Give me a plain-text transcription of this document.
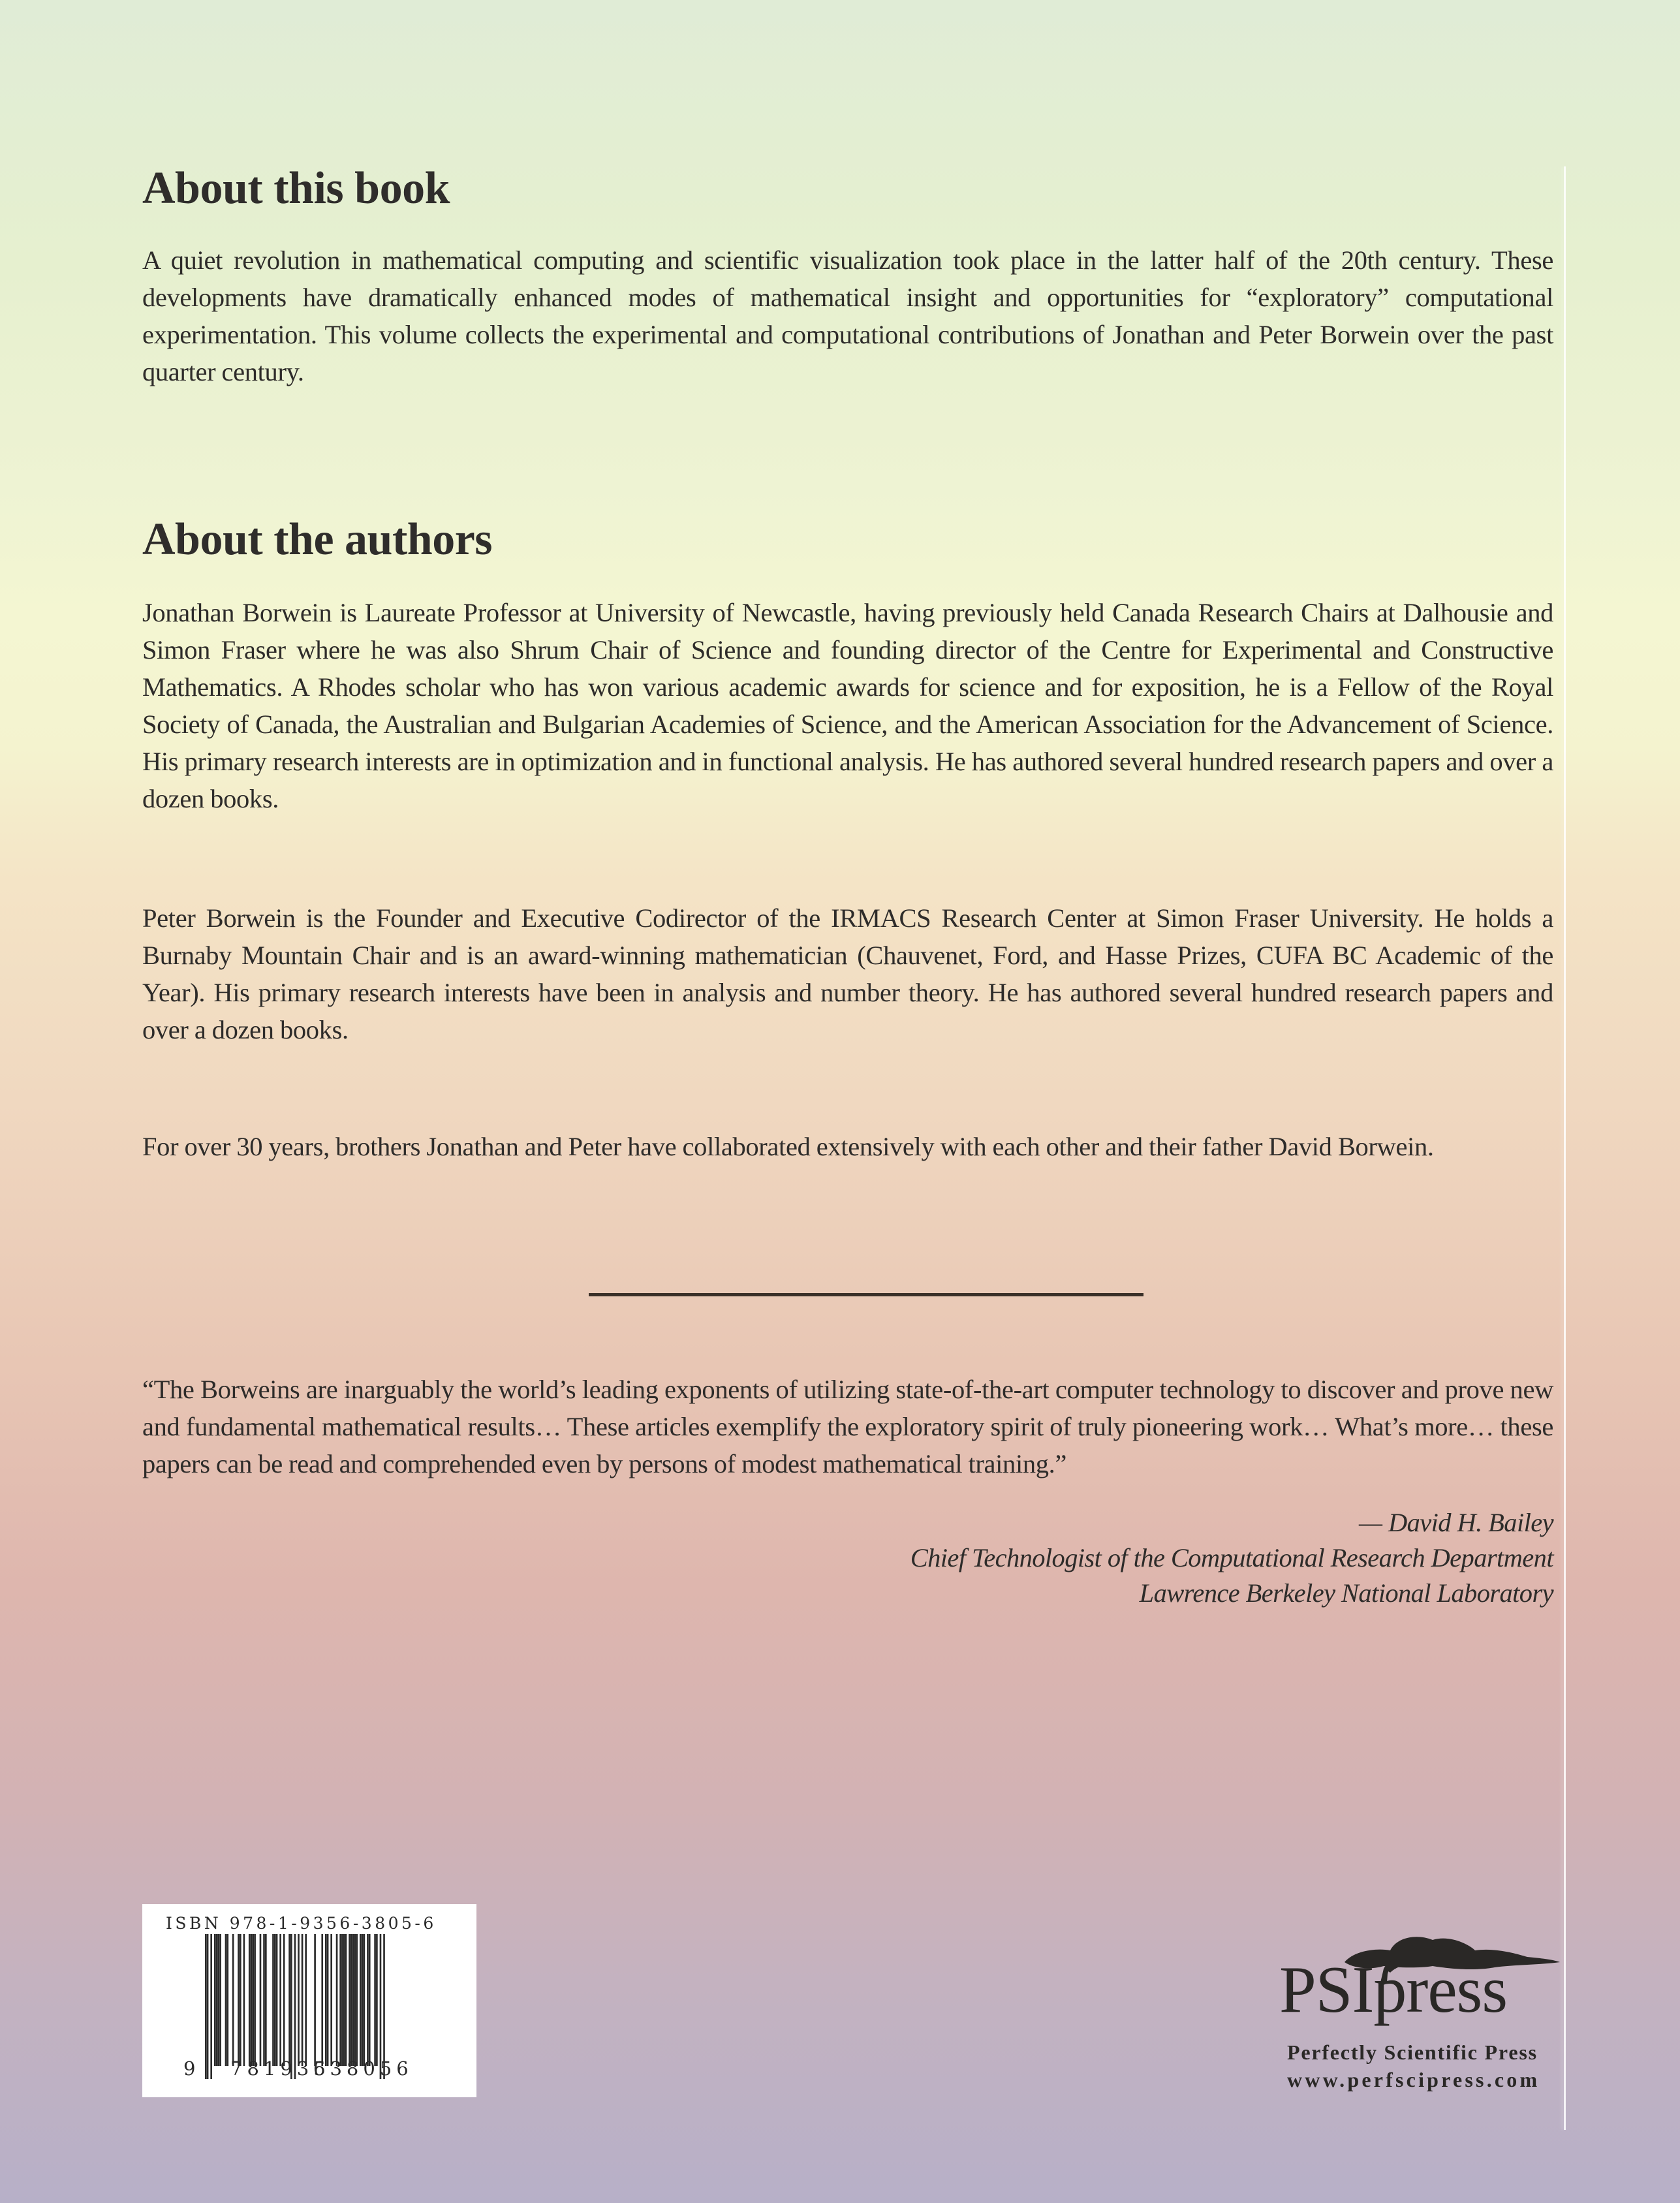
About this book

A quiet revolution in mathematical computing and scientific visualization took place in the latter half of the 20th century. These developments have dramatically enhanced modes of mathematical insight and opportunities for “exploratory” computational experimentation. This volume collects the experimental and computational contributions of Jonathan and Peter Borwein over the past quarter century.

About the authors

Jonathan Borwein is Laureate Professor at University of Newcastle, having previously held Canada Research Chairs at Dalhousie and Simon Fraser where he was also Shrum Chair of Science and founding director of the Centre for Experimental and Constructive Mathematics. A Rhodes scholar who has won various academic awards for science and for exposition, he is a Fellow of the Royal Society of Canada, the Australian and Bulgarian Academies of Science, and the American Association for the Advancement of Science. His primary research interests are in optimization and in functional analysis. He has authored several hundred research papers and over a dozen books.

Peter Borwein is the Founder and Executive Codirector of the IRMACS Research Center at Simon Fraser University. He holds a Burnaby Mountain Chair and is an award-winning mathematician (Chauvenet, Ford, and Hasse Prizes, CUFA BC Academic of the Year). His primary research interests have been in analysis and number theory. He has authored several hundred research papers and over a dozen books.

For over 30 years, brothers Jonathan and Peter have collaborated extensively with each other and their father David Borwein.

“The Borweins are inarguably the world’s leading exponents of utilizing state-of-the-art computer technology to discover and prove new and fundamental mathematical results… These articles exemplify the exploratory spirit of truly pioneering work… What’s more… these papers can be read and comprehended even by persons of modest mathematical training.”

— David H. Bailey

Chief Technologist of the Computational Research Department

Lawrence Berkeley National Laboratory

ISBN 978-1-9356-3805-6
9 781935
638056
PSIpress
Perfectly Scientific Press
www.perfscipress.com
